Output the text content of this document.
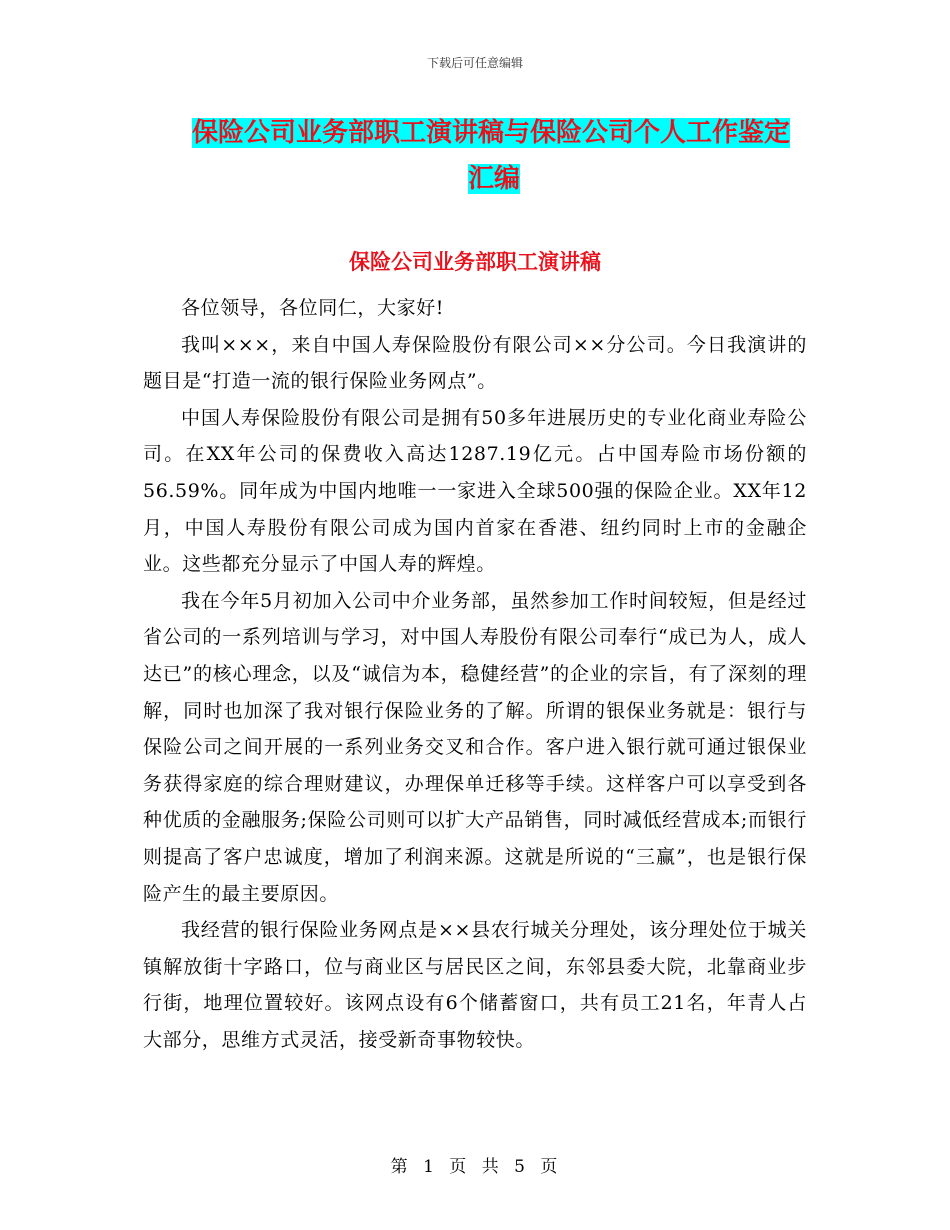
下载后可任意编辑
保险公司业务部职工演讲稿与保险公司个人工作鉴定
汇编
保险公司业务部职工演讲稿

各位领导，各位同仁，大家好!

我叫×××，来自中国人寿保险股份有限公司××分公司。今日我演讲的题目是“打造一流的银行保险业务网点”。

中国人寿保险股份有限公司是拥有50多年进展历史的专业化商业寿险公司。在XX年公司的保费收入高达1287.19亿元。占中国寿险市场份额的 56.59%。同年成为中国内地唯一一家进入全球500强的保险企业。XX年12月，中国人寿股份有限公司成为国内首家在香港、纽约同时上市的金融企业。这些都充分显示了中国人寿的辉煌。

我在今年5月初加入公司中介业务部，虽然参加工作时间较短，但是经过省公司的一系列培训与学习，对中国人寿股份有限公司奉行“成已为人，成人达已”的核心理念，以及“诚信为本，稳健经营”的企业的宗旨，有了深刻的理解，同时也加深了我对银行保险业务的了解。所谓的银保业务就是：银行与保险公司之间开展的一系列业务交叉和合作。客户进入银行就可通过银保业务获得家庭的综合理财建议，办理保单迁移等手续。这样客户可以享受到各种优质的金融服务;保险公司则可以扩大产品销售，同时减低经营成本;而银行则提高了客户忠诚度，增加了利润来源。这就是所说的“三赢”，也是银行保险产生的最主要原因。

我经营的银行保险业务网点是××县农行城关分理处，该分理处位于城关镇解放街十字路口，位与商业区与居民区之间，东邻县委大院，北靠商业步行街，地理位置较好。该网点设有6个储蓄窗口，共有员工21名，年青人占大部分，思维方式灵活，接受新奇事物较快。

第 1 页 共 5 页
